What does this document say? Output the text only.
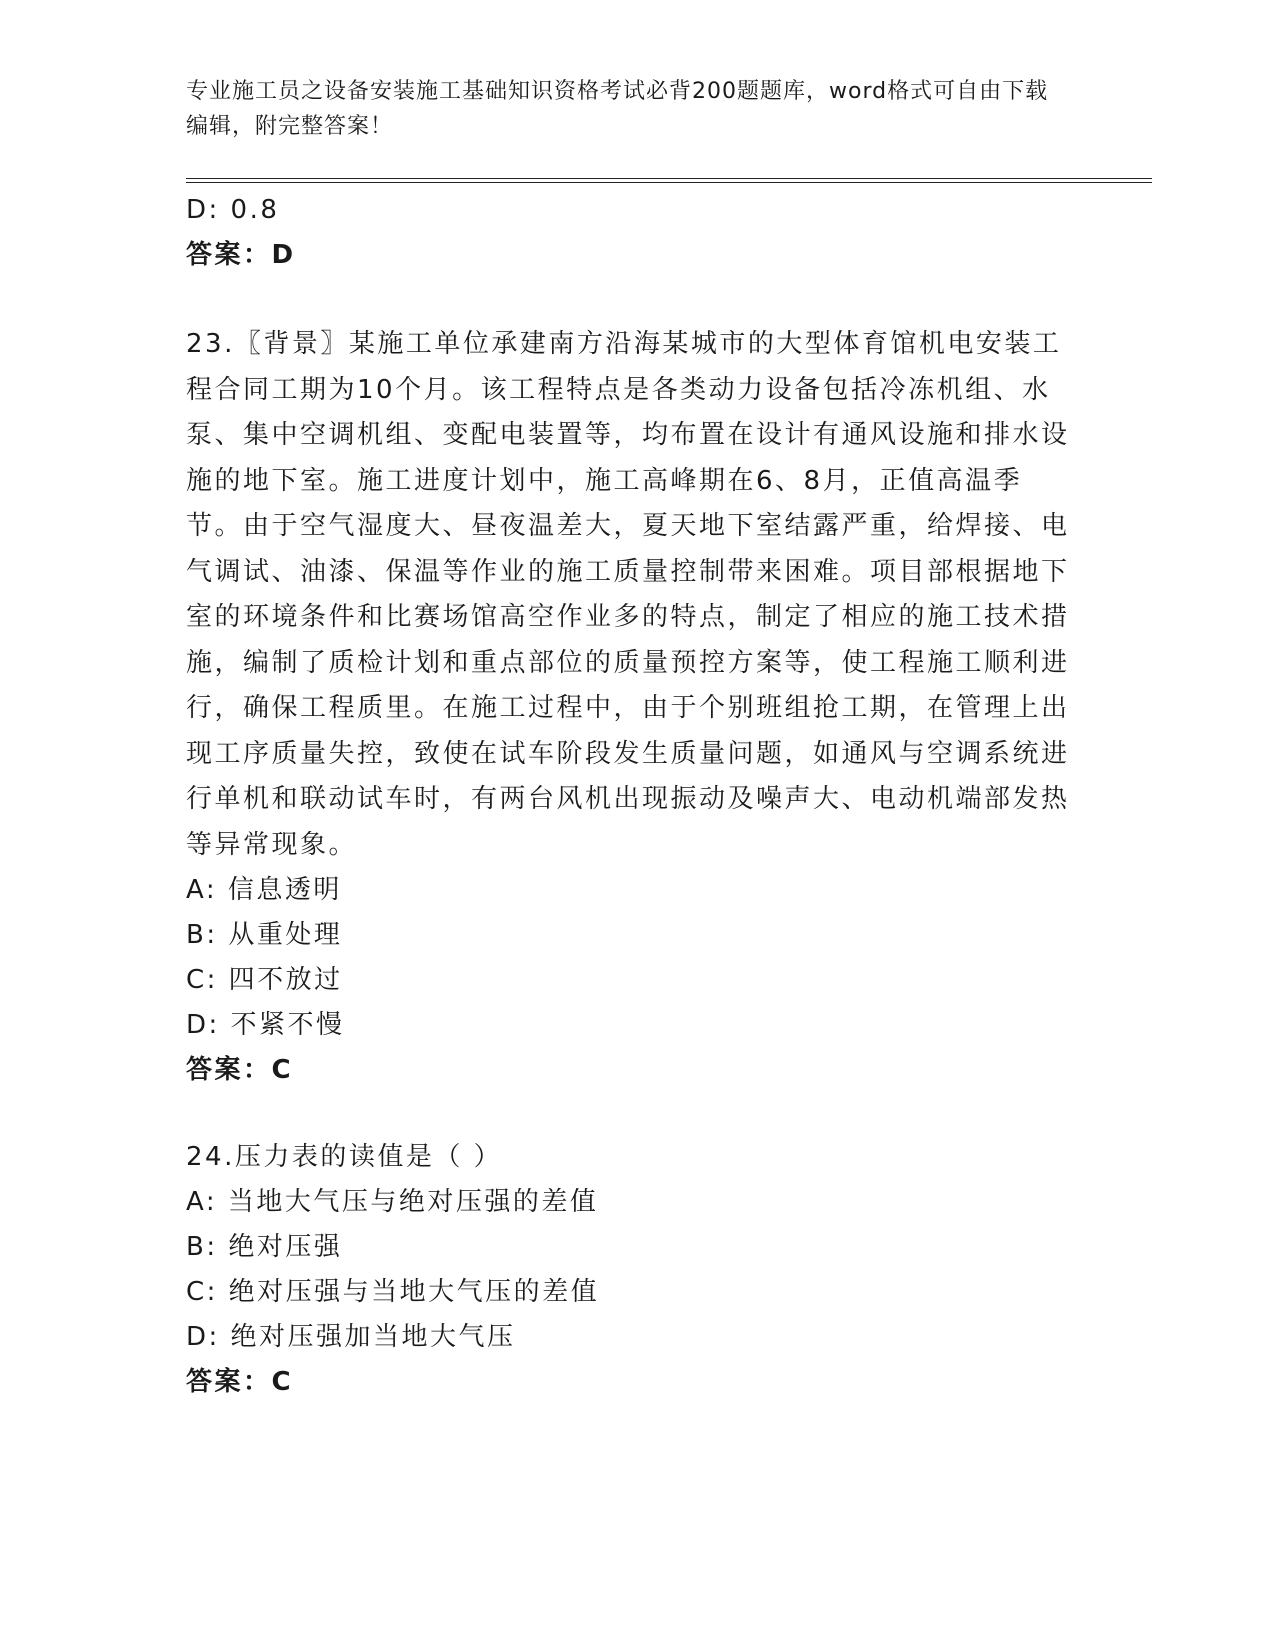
专业施工员之设备安装施工基础知识资格考试必背200题题库，word格式可自由下载编辑，附完整答案！
D: 0.8
答案：D
23.〖背景〗某施工单位承建南方沿海某城市的大型体育馆机电安装工程合同工期为10个月。该工程特点是各类动力设备包括冷冻机组、水泵、集中空调机组、变配电装置等，均布置在设计有通风设施和排水设施的地下室。施工进度计划中，施工高峰期在6、8月，正值高温季节。由于空气湿度大、昼夜温差大，夏天地下室结露严重，给焊接、电气调试、油漆、保温等作业的施工质量控制带来困难。项目部根据地下室的环境条件和比赛场馆高空作业多的特点，制定了相应的施工技术措施，编制了质检计划和重点部位的质量预控方案等，使工程施工顺利进行，确保工程质里。在施工过程中，由于个别班组抢工期，在管理上出现工序质量失控，致使在试车阶段发生质量问题，如通风与空调系统进行单机和联动试车时，有两台风机出现振动及噪声大、电动机端部发热等异常现象。
A: 信息透明
B: 从重处理
C: 四不放过
D: 不紧不慢
答案：C
24.压力表的读值是（ ）
A: 当地大气压与绝对压强的差值
B: 绝对压强
C: 绝对压强与当地大气压的差值
D: 绝对压强加当地大气压
答案：C
